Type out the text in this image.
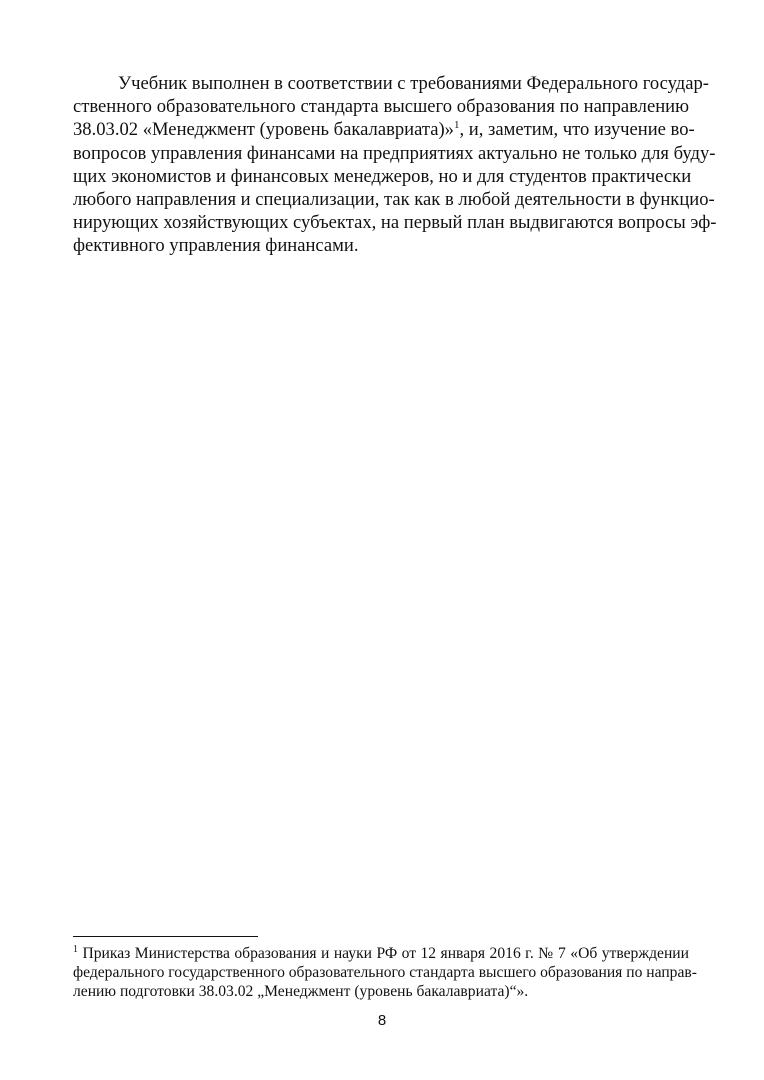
Учебник выполнен в соответствии с требованиями Федерального государ-
ственного образовательного стандарта высшего образования по направлению
38.03.02 «Менеджмент (уровень бакалавриата)»$^1$, и, заметим, что изучение во-
вопросов управления финансами на предприятиях актуально не только для буду-
щих экономистов и финансовых менеджеров, но и для студентов практически
любого направления и специализации, так как в любой деятельности в функцио-
нирующих хозяйствующих субъектах, на первый план выдвигаются вопросы эф-
фективного управления финансами.
$^1$ Приказ Министерства образования и науки РФ от 12 января 2016 г. № 7 «Об утверждении
федерального государственного образовательного стандарта высшего образования по направ-
лению подготовки 38.03.02 „Менеджмент (уровень бакалавриата)“».
8
